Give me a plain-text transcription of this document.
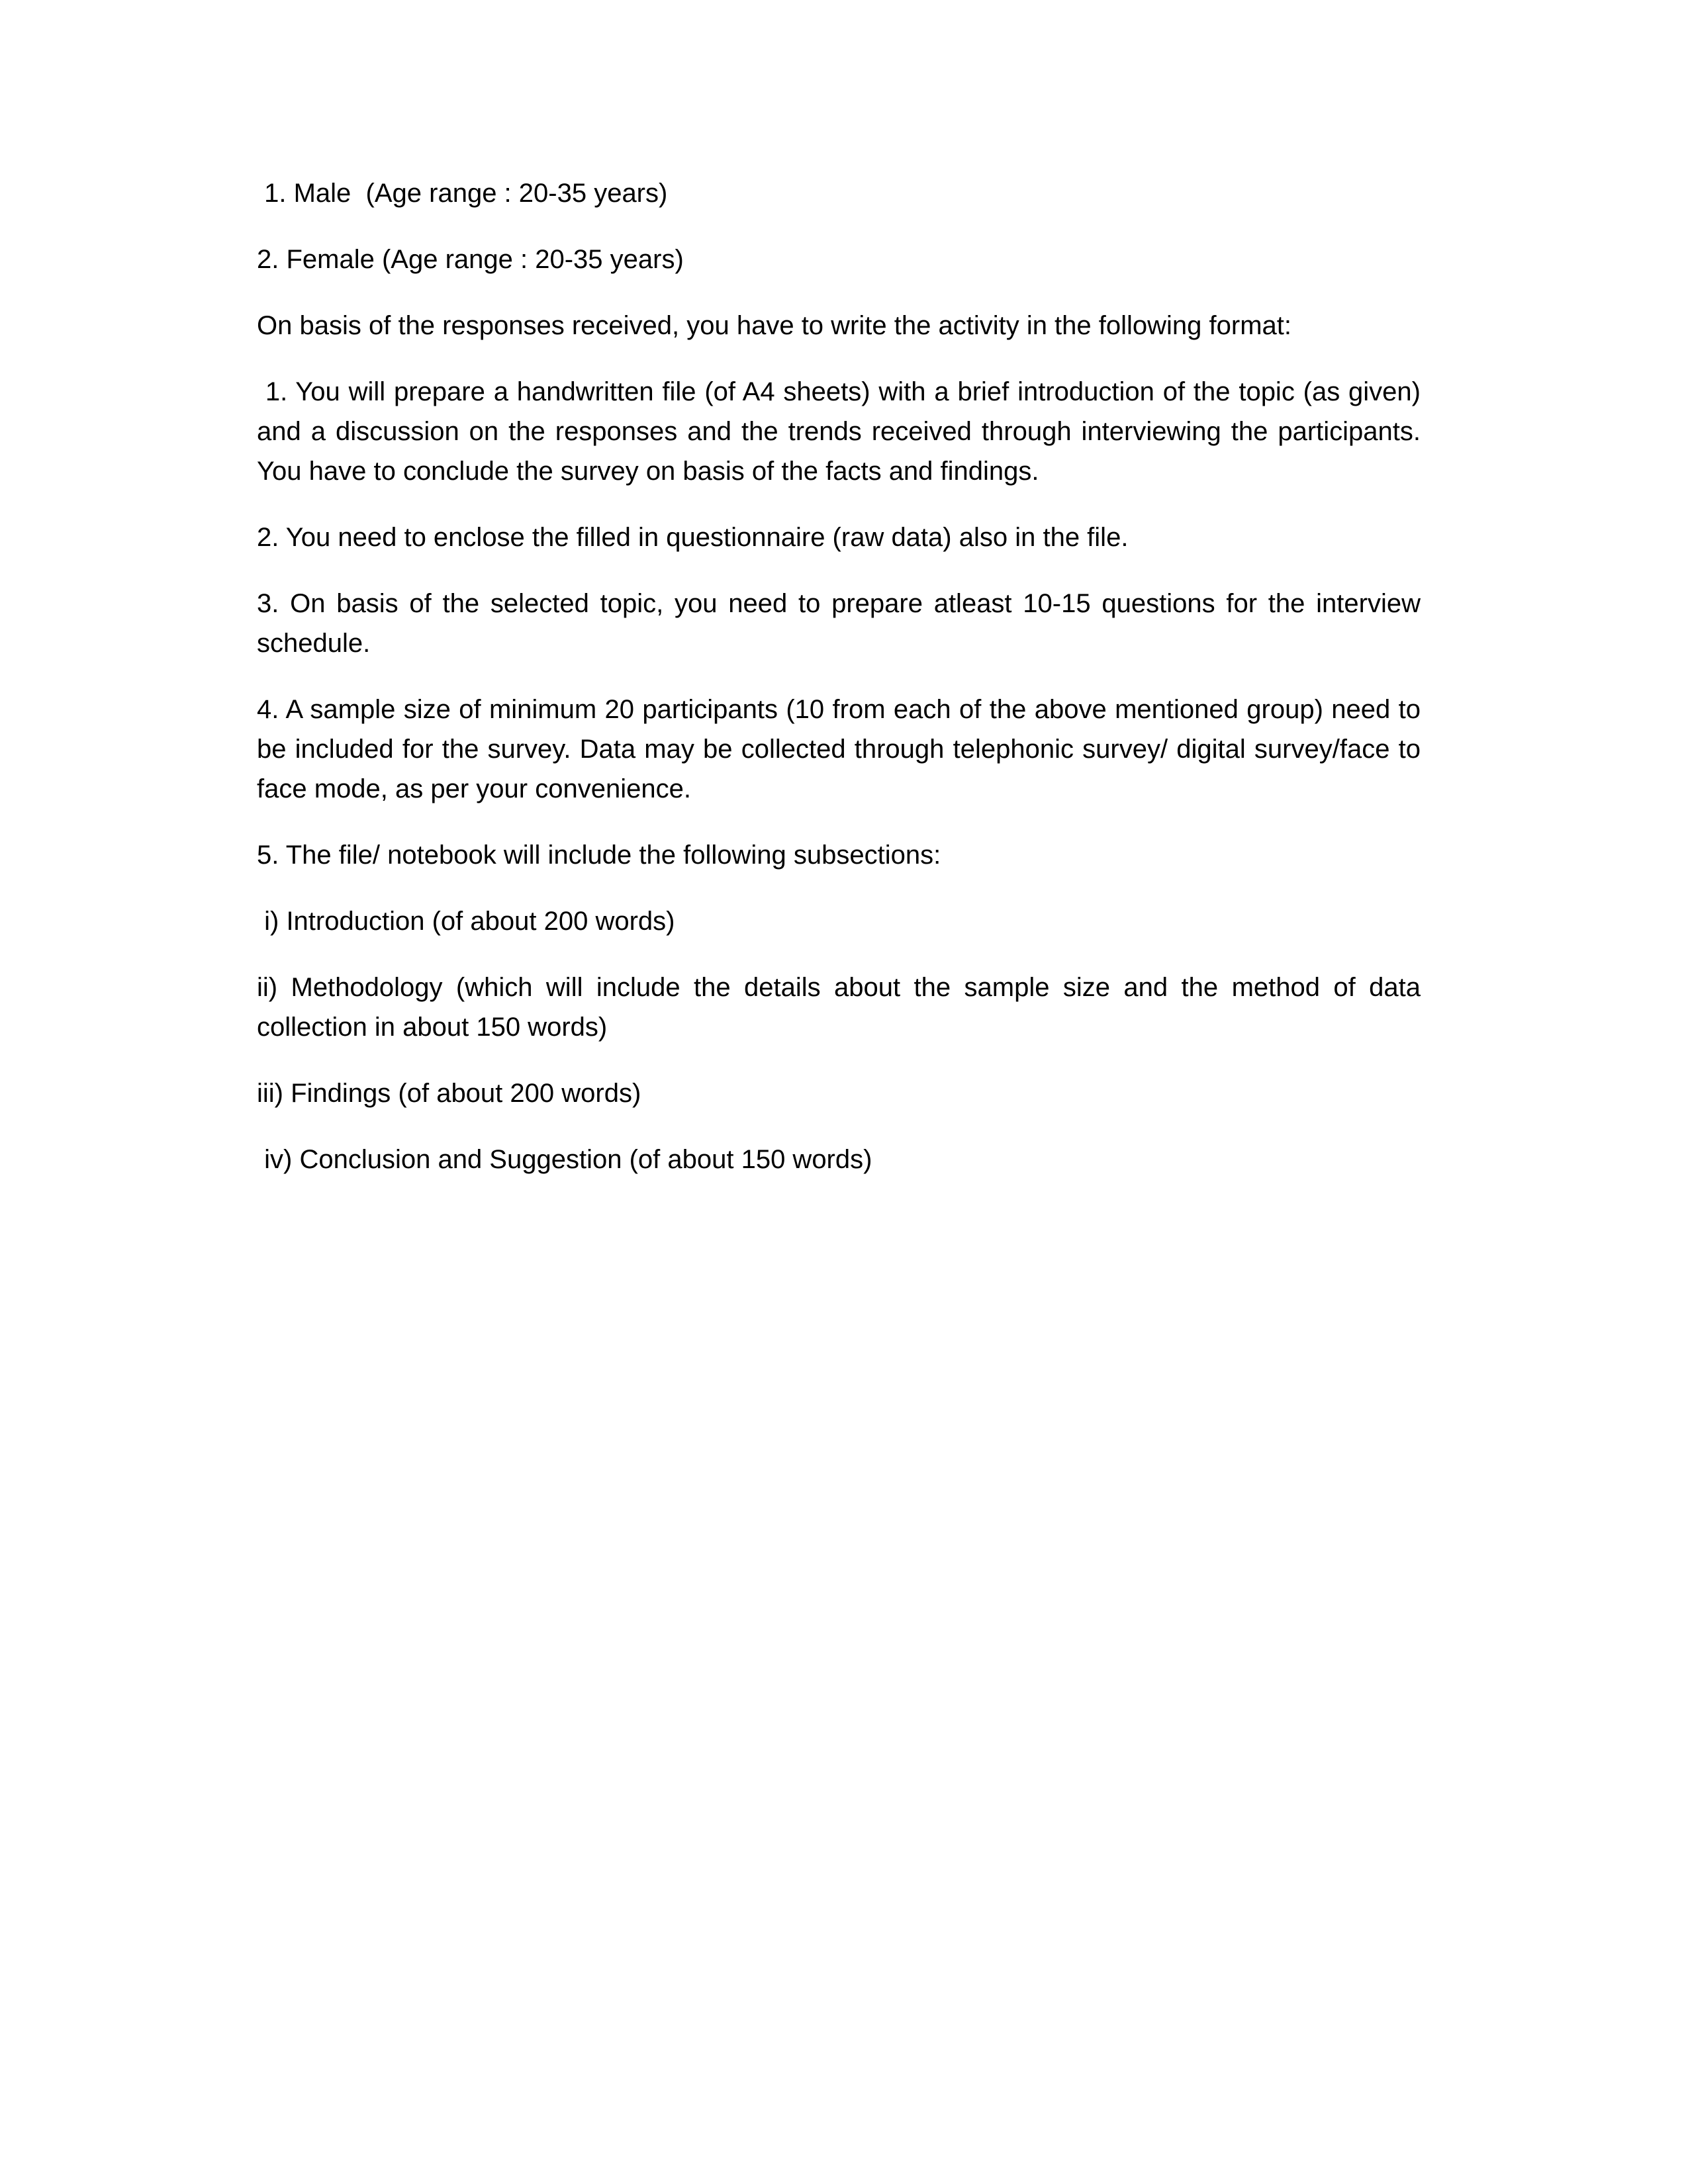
1. Male  (Age range : 20-35 years)

2. Female (Age range : 20-35 years)

On basis of the responses received, you have to write the activity in the following format:

1. You will prepare a handwritten file (of A4 sheets) with a brief introduction of the topic (as given) and a discussion on the responses and the trends received through interviewing the participants. You have to conclude the survey on basis of the facts and findings.

2. You need to enclose the filled in questionnaire (raw data) also in the file.

3. On basis of the selected topic, you need to prepare atleast 10-15 questions for the interview schedule.

4. A sample size of minimum 20 participants (10 from each of the above mentioned group) need to be included for the survey. Data may be collected through telephonic survey/ digital survey/face to face mode, as per your convenience.

5. The file/ notebook will include the following subsections:

i) Introduction (of about 200 words)

ii) Methodology (which will include the details about the sample size and the method of data collection in about 150 words)

iii) Findings (of about 200 words)

iv) Conclusion and Suggestion (of about 150 words)
